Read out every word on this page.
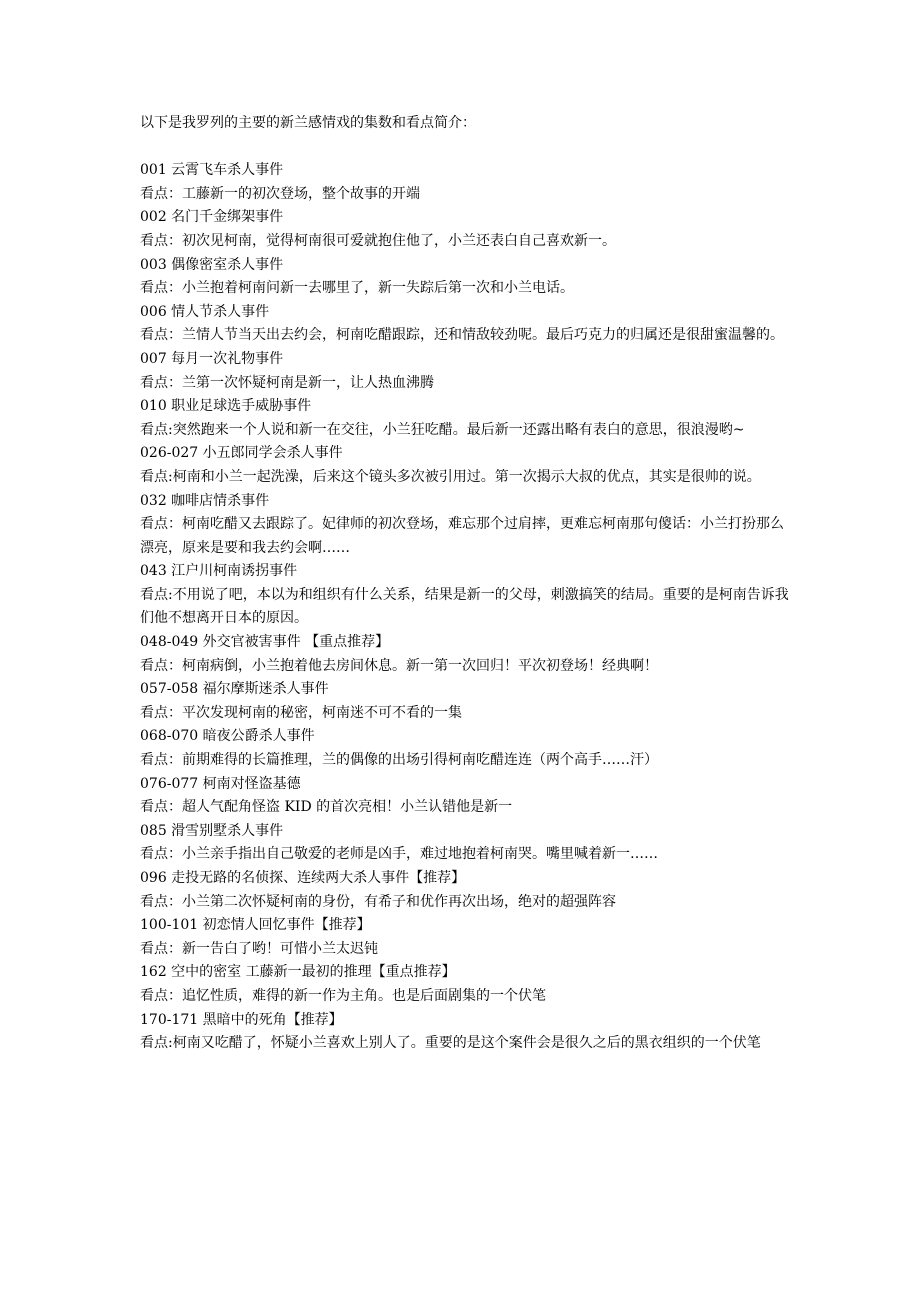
以下是我罗列的主要的新兰感情戏的集数和看点简介：

001 云霄飞车杀人事件

看点：工藤新一的初次登场，整个故事的开端

002 名门千金绑架事件

看点：初次见柯南，觉得柯南很可爱就抱住他了，小兰还表白自己喜欢新一。

003 偶像密室杀人事件

看点：小兰抱着柯南问新一去哪里了，新一失踪后第一次和小兰电话。

006 情人节杀人事件

看点：兰情人节当天出去约会，柯南吃醋跟踪，还和情敌较劲呢。最后巧克力的归属还是很甜蜜温馨的。

007 每月一次礼物事件

看点：兰第一次怀疑柯南是新一，让人热血沸腾

010 职业足球选手威胁事件

看点:突然跑来一个人说和新一在交往，小兰狂吃醋。最后新一还露出略有表白的意思，很浪漫哟~

026-027 小五郎同学会杀人事件

看点:柯南和小兰一起洗澡，后来这个镜头多次被引用过。第一次揭示大叔的优点，其实是很帅的说。

032 咖啡店情杀事件

看点：柯南吃醋又去跟踪了。妃律师的初次登场，难忘那个过肩摔，更难忘柯南那句傻话：小兰打扮那么漂亮，原来是要和我去约会啊……

043 江户川柯南诱拐事件

看点:不用说了吧，本以为和组织有什么关系，结果是新一的父母，刺激搞笑的结局。重要的是柯南告诉我们他不想离开日本的原因。

048-049 外交官被害事件 【重点推荐】

看点：柯南病倒，小兰抱着他去房间休息。新一第一次回归！平次初登场！经典啊！

057-058 福尔摩斯迷杀人事件

看点：平次发现柯南的秘密，柯南迷不可不看的一集

068-070 暗夜公爵杀人事件

看点：前期难得的长篇推理，兰的偶像的出场引得柯南吃醋连连（两个高手……汗）

076-077 柯南对怪盗基德

看点：超人气配角怪盗 KID 的首次亮相！小兰认错他是新一

085 滑雪别墅杀人事件

看点：小兰亲手指出自己敬爱的老师是凶手，难过地抱着柯南哭。嘴里喊着新一……

096 走投无路的名侦探、连续两大杀人事件【推荐】

看点：小兰第二次怀疑柯南的身份，有希子和优作再次出场，绝对的超强阵容

100-101 初恋情人回忆事件【推荐】

看点：新一告白了哟！可惜小兰太迟钝

162 空中的密室 工藤新一最初的推理【重点推荐】

看点：追忆性质，难得的新一作为主角。也是后面剧集的一个伏笔

170-171 黑暗中的死角【推荐】

看点:柯南又吃醋了，怀疑小兰喜欢上别人了。重要的是这个案件会是很久之后的黑衣组织的一个伏笔
